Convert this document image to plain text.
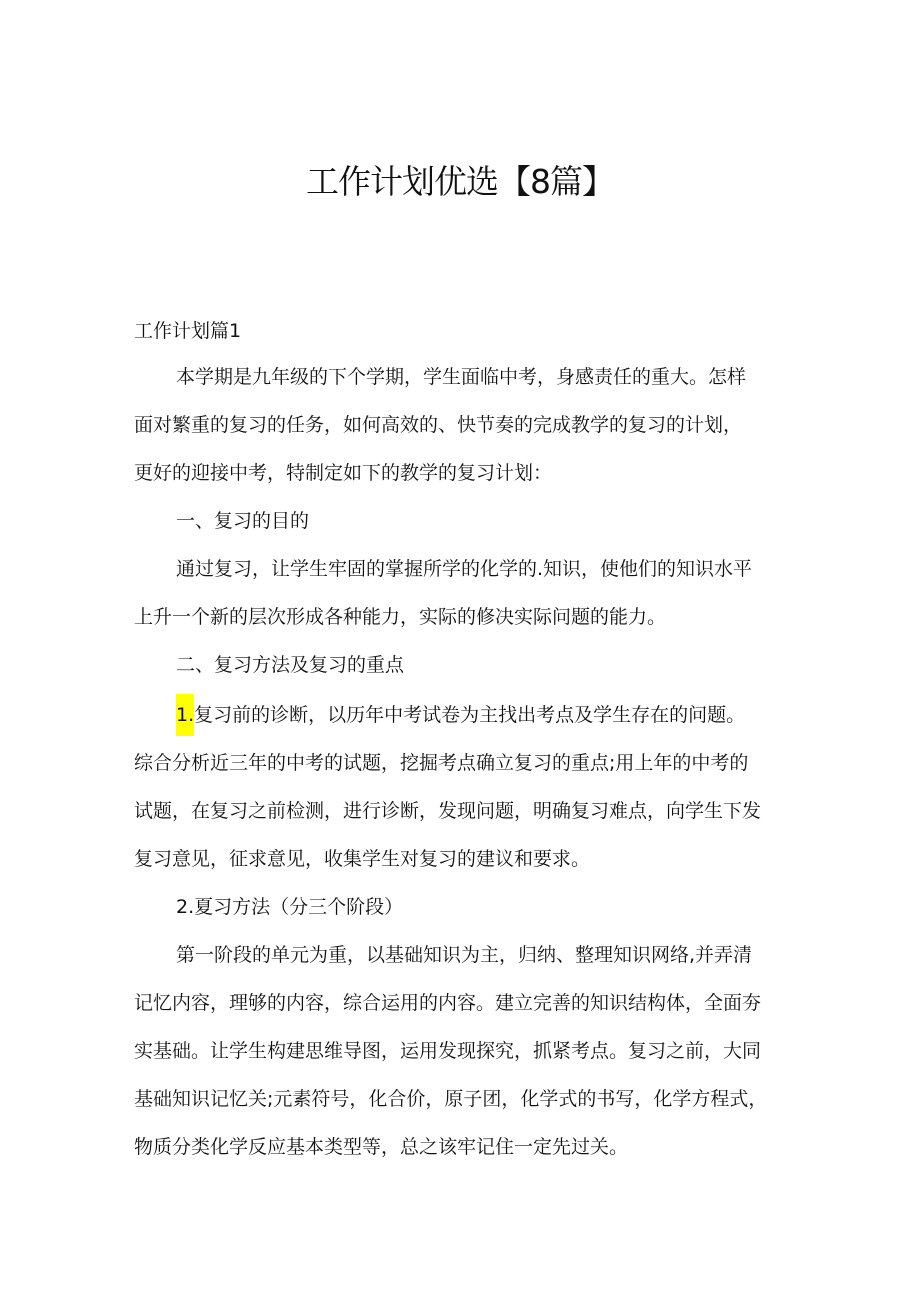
工作计划优选【8篇】
工作计划篇1
本学期是九年级的下个学期，学生面临中考，身感责任的重大。怎样
面对繁重的复习的任务，如何高效的、快节奏的完成教学的复习的计划，
更好的迎接中考，特制定如下的教学的复习计划：
一、复习的目的
通过复习，让学生牢固的掌握所学的化学的.知识，使他们的知识水平
上升一个新的层次形成各种能力，实际的修决实际问题的能力。
二、复习方法及复习的重点
1.复习前的诊断，以历年中考试卷为主找出考点及学生存在的问题。
综合分析近三年的中考的试题，挖掘考点确立复习的重点;用上年的中考的
试题，在复习之前检测，进行诊断，发现问题，明确复习难点，向学生下发
复习意见，征求意见，收集学生对复习的建议和要求。
2.夏习方法（分三个阶段）
第一阶段的单元为重，以基础知识为主，归纳、整理知识网络,并弄清
记忆内容，理够的内容，综合运用的内容。建立完善的知识结构体，全面夯
实基础。让学生构建思维导图，运用发现探究，抓紧考点。复习之前，大同
基础知识记忆关;元素符号，化合价，原子团，化学式的书写，化学方程式，
物质分类化学反应基本类型等，总之该牢记住一定先过关。
